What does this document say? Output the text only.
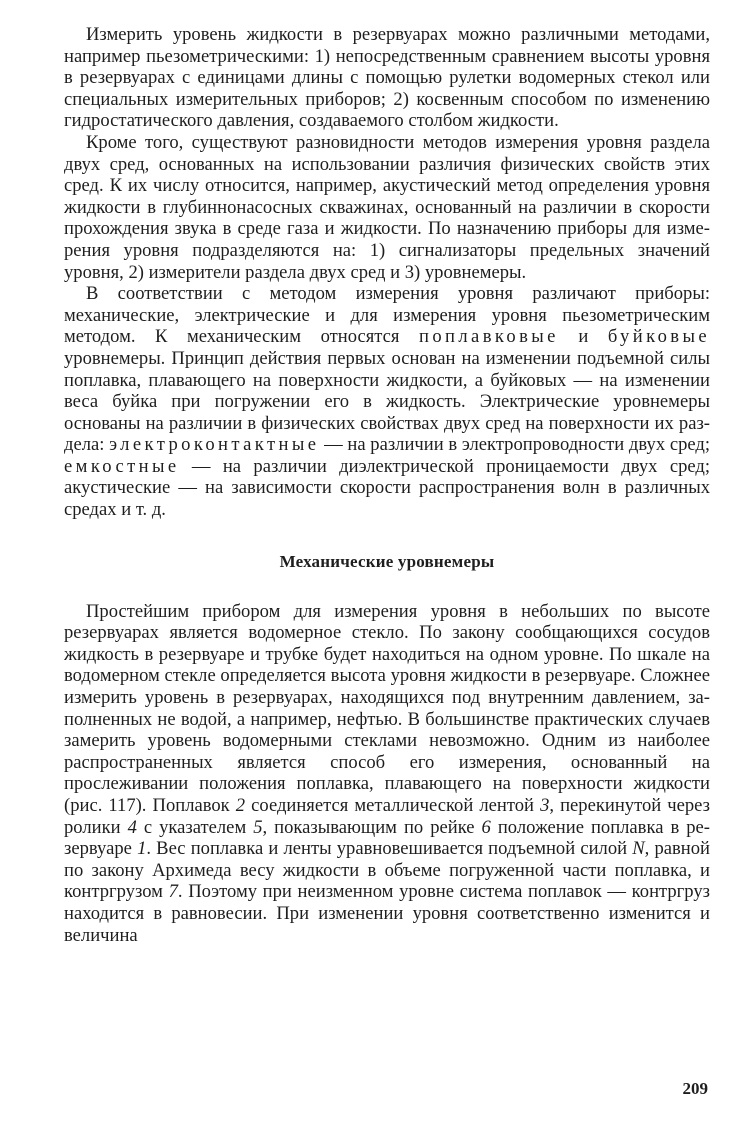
Измерить уровень жидкости в резервуарах можно различными методами, например пьезометрическими: 1) непосредственным сравнением высоты уровня в резервуарах с единицами длины с помощью рулетки водомерных стекол или специальных измерительных приборов; 2) косвенным способом по изменению гидростатического давления, создаваемого столбом жидкости.

Кроме того, существуют разновидности методов измерения уровня раздела двух сред, основанных на использовании различия физических свойств этих сред. К их числу относится, например, акустический метод определения уровня жидкости в глубиннонасосных скважинах, основанный на различии в скорости прохождения звука в среде газа и жидкости. По назначению приборы для измерения уровня подразделяются на: 1) сигнализаторы предельных значений уровня, 2) измерители раздела двух сред и 3) уровнемеры.

В соответствии с методом измерения уровня различают приборы: механические, электрические и для измерения уровня пьезометрическим методом. К механическим относятся поплавковые и буйковые уровнемеры. Принцип действия первых основан на изменении подъемной силы поплавка, плавающего на поверхности жидкости, а буйковых — на изменении веса буйка при погружении его в жидкость. Электрические уровнемеры основаны на различии в физических свойствах двух сред на поверхности их раздела: электроконтактные — на различии в электропроводности двух сред; емкостные — на различии диэлектрической проницаемости двух сред; акустические — на зависимости скорости распространения волн в различных средах и т. д.

Механические уровнемеры

Простейшим прибором для измерения уровня в небольших по высоте резервуарах является водомерное стекло. По закону сообщающихся сосудов жидкость в резервуаре и трубке будет находиться на одном уровне. По шкале на водомерном стекле определяется высота уровня жидкости в резервуаре. Сложнее измерить уровень в резервуарах, находящихся под внутренним давлением, заполненных не водой, а например, нефтью. В большинстве практических случаев замерить уровень водомерными стеклами невозможно. Одним из наиболее распространенных является способ его измерения, основанный на прослеживании положения поплавка, плавающего на поверхности жидкости (рис. 117). Поплавок 2 соединяется металлической лентой 3, перекинутой через ролики 4 с указателем 5, показывающим по рейке 6 положение поплавка в резервуаре 1. Вес поплавка и ленты уравновешивается подъемной силой N, равной по закону Архимеда весу жидкости в объеме погруженной части поплавка, и контргрузом 7. Поэтому при неизменном уровне система поплавок — контргруз находится в равновесии. При изменении уровня соответственно изменится и величина

209
